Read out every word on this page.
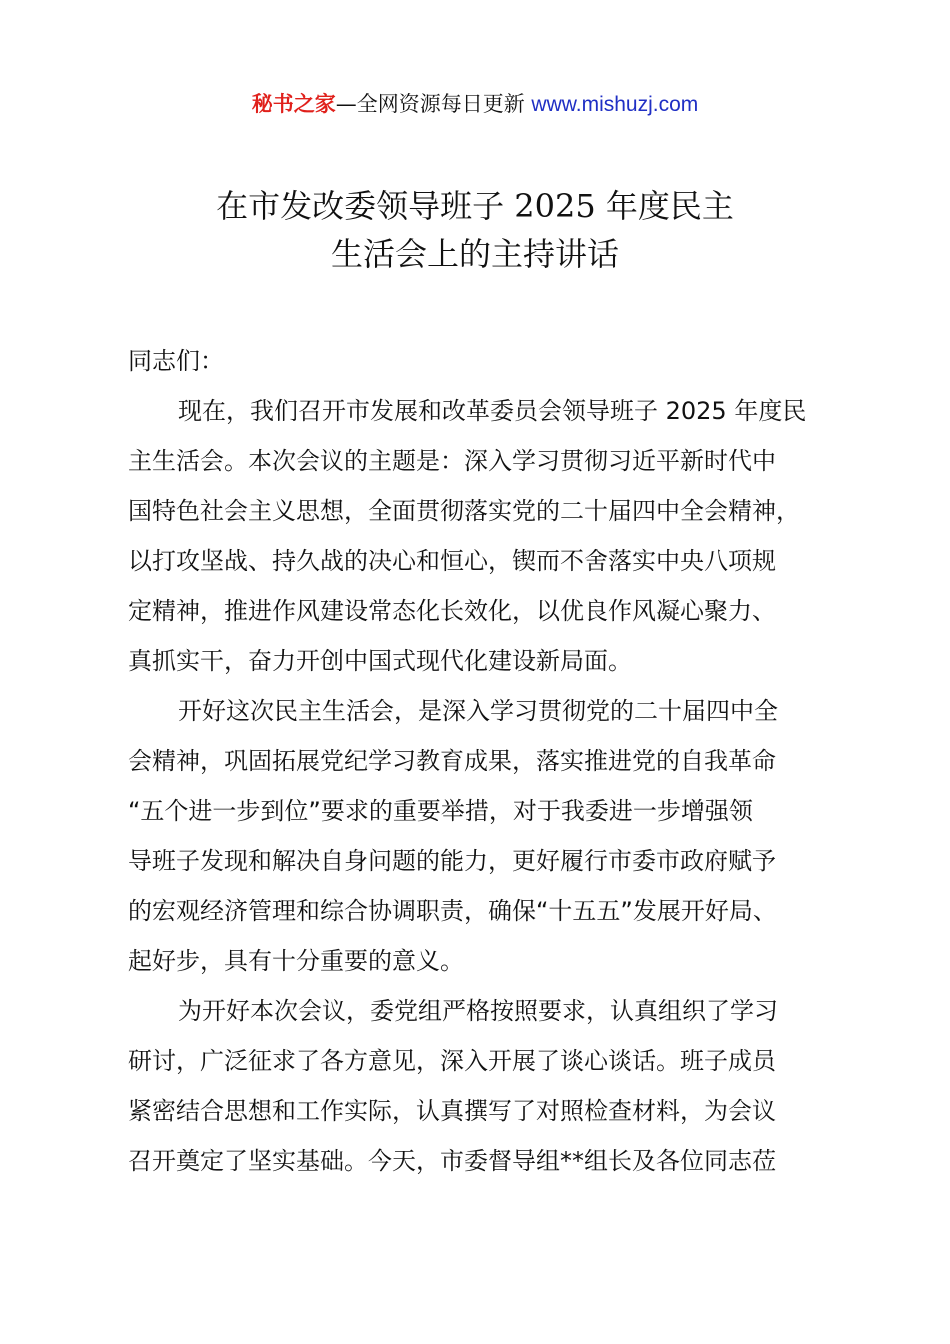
秘书之家—全网资源每日更新 www.mishuzj.com
在市发改委领导班子 2025 年度民主
生活会上的主持讲话
同志们：
现在，我们召开市发展和改革委员会领导班子 2025 年度民
主生活会。本次会议的主题是：深入学习贯彻习近平新时代中
国特色社会主义思想，全面贯彻落实党的二十届四中全会精神，
以打攻坚战、持久战的决心和恒心，锲而不舍落实中央八项规
定精神，推进作风建设常态化长效化，以优良作风凝心聚力、
真抓实干，奋力开创中国式现代化建设新局面。
开好这次民主生活会，是深入学习贯彻党的二十届四中全
会精神，巩固拓展党纪学习教育成果，落实推进党的自我革命
“五个进一步到位”要求的重要举措，对于我委进一步增强领
导班子发现和解决自身问题的能力，更好履行市委市政府赋予
的宏观经济管理和综合协调职责，确保“十五五”发展开好局、
起好步，具有十分重要的意义。
为开好本次会议，委党组严格按照要求，认真组织了学习
研讨，广泛征求了各方意见，深入开展了谈心谈话。班子成员
紧密结合思想和工作实际，认真撰写了对照检查材料，为会议
召开奠定了坚实基础。今天，市委督导组**组长及各位同志莅
